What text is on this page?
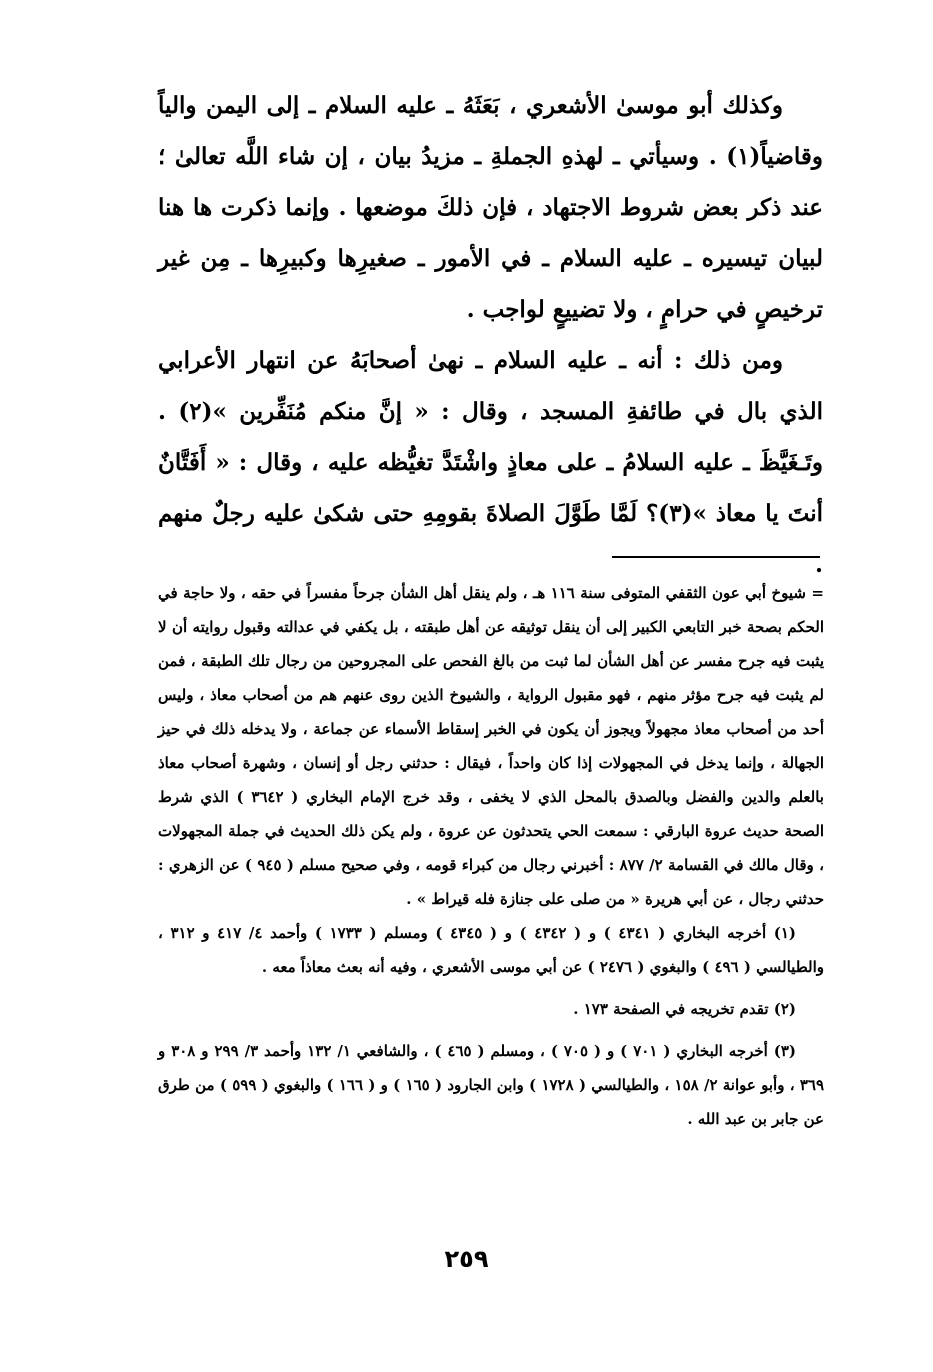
وكذلك أبو موسىٰ الأشعري ، بَعَثَهُ ـ عليه السلام ـ إلى اليمن والياً وقاضياً(١) . وسيأتي ـ لهذهِ الجملةِ ـ مزيدُ بيان ، إن شاء اللَّه تعالىٰ ؛ عند ذكر بعض شروط الاجتهاد ، فإن ذلكَ موضعها . وإنما ذكرت ها هنا لبيان تيسيره ـ عليه السلام ـ في الأمور ـ صغيرِها وكبيرِها ـ مِن غير ترخيصٍ في حرامٍ ، ولا تضييعٍ لواجب .

ومن ذلك : أنه ـ عليه السلام ـ نهىٰ أصحابَهُ عن انتهار الأعرابي الذي بال في طائفةِ المسجد ، وقال : « إنَّ منكم مُنَفِّرين »(٢) . وتَـغَيَّظَ ـ عليه السلامُ ـ على معاذٍ واشْتَدَّ تغيُّظه عليه ، وقال : « أَفَتَّانٌ أنتَ يا معاذ »(٣)؟ لَمَّا طَوَّلَ الصلاةَ بقومِهِ حتى شكىٰ عليه رجلٌ منهم .

= شيوخ أبي عون الثقفي المتوفى سنة ١١٦ هـ ، ولم ينقل أهل الشأن جرحاً مفسراً في حقه ، ولا حاجة في الحكم بصحة خبر التابعي الكبير إلى أن ينقل توثيقه عن أهل طبقته ، بل يكفي في عدالته وقبول روايته أن لا يثبت فيه جرح مفسر عن أهل الشأن لما ثبت من بالغ الفحص على المجروحين من رجال تلك الطبقة ، فمن لم يثبت فيه جرح مؤثر منهم ، فهو مقبول الرواية ، والشيوخ الذين روى عنهم هم من أصحاب معاذ ، وليس أحد من أصحاب معاذ مجهولاً ويجوز أن يكون في الخبر إسقاط الأسماء عن جماعة ، ولا يدخله ذلك في حيز الجهالة ، وإنما يدخل في المجهولات إذا كان واحداً ، فيقال : حدثني رجل أو إنسان ، وشهرة أصحاب معاذ بالعلم والدين والفضل وبالصدق بالمحل الذي لا يخفى ، وقد خرج الإمام البخاري ( ٣٦٤٢ ) الذي شرط الصحة حديث عروة البارقي : سمعت الحي يتحدثون عن عروة ، ولم يكن ذلك الحديث في جملة المجهولات ، وقال مالك في القسامة ٢/ ٨٧٧ : أخبرني رجال من كبراء قومه ، وفي صحيح مسلم ( ٩٤٥ ) عن الزهري : حدثني رجال ، عن أبي هريرة « من صلى على جنازة فله قيراط » .

(١) أخرجه البخاري ( ٤٣٤١ ) و ( ٤٣٤٢ ) و ( ٤٣٤٥ ) ومسلم ( ١٧٣٣ ) وأحمد ٤/ ٤١٧ و ٣١٢ ، والطيالسي ( ٤٩٦ ) والبغوي ( ٢٤٧٦ ) عن أبي موسى الأشعري ، وفيه أنه بعث معاذاً معه .

(٢) تقدم تخريجه في الصفحة ١٧٣ .

(٣) أخرجه البخاري ( ٧٠١ ) و ( ٧٠٥ ) ، ومسلم ( ٤٦٥ ) ، والشافعي ١/ ١٣٢ وأحمد ٣/ ٢٩٩ و ٣٠٨ و ٣٦٩ ، وأبو عوانة ٢/ ١٥٨ ، والطيالسي ( ١٧٢٨ ) وابن الجارود ( ١٦٥ ) و ( ١٦٦ ) والبغوي ( ٥٩٩ ) من طرق عن جابر بن عبد الله .

٢٥٩
